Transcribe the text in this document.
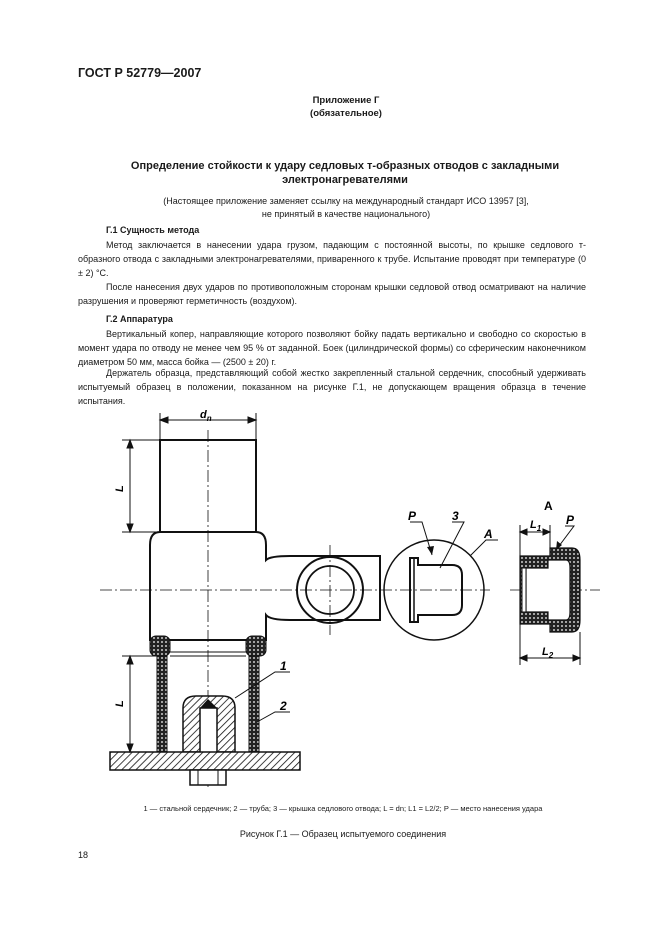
ГОСТ Р 52779—2007
Приложение Г
(обязательное)
Определение стойкости к удару седловых т-образных отводов с закладными электронагревателями
(Настоящее приложение заменяет ссылку на международный стандарт ИСО 13957 [3],
не принятый в качестве национального)
Г.1 Сущность метода
Метод заключается в нанесении удара грузом, падающим с постоянной высоты, по крышке седлового т-образного отвода с закладными электронагревателями, приваренного к трубе. Испытание проводят при температуре (0 ± 2) °С.
После нанесения двух ударов по противоположным сторонам крышки седловой отвод осматривают на наличие разрушения и проверяют герметичность (воздухом).
Г.2 Аппаратура
Вертикальный копер, направляющие которого позволяют бойку падать вертикально и свободно со скоростью в момент удара по отводу не менее чем 95 % от заданной. Боек (цилиндрической формы) со сферическим наконечником диаметром 50 мм, масса бойка — (2500 ± 20) г.
Держатель образца, представляющий собой жестко закрепленный стальной сердечник, способный удерживать испытуемый образец в положении, показанном на рисунке Г.1, не допускающем вращения образца в течение испытания.
$d_n$
L
L
1
2
P	3
A
A
$L_1$
P
$L_2$
1 — стальной сердечник; 2 — труба; 3 — крышка седлового отвода; L = dn; L1 = L2/2; P — место нанесения удара
Рисунок Г.1 — Образец испытуемого соединения
18
